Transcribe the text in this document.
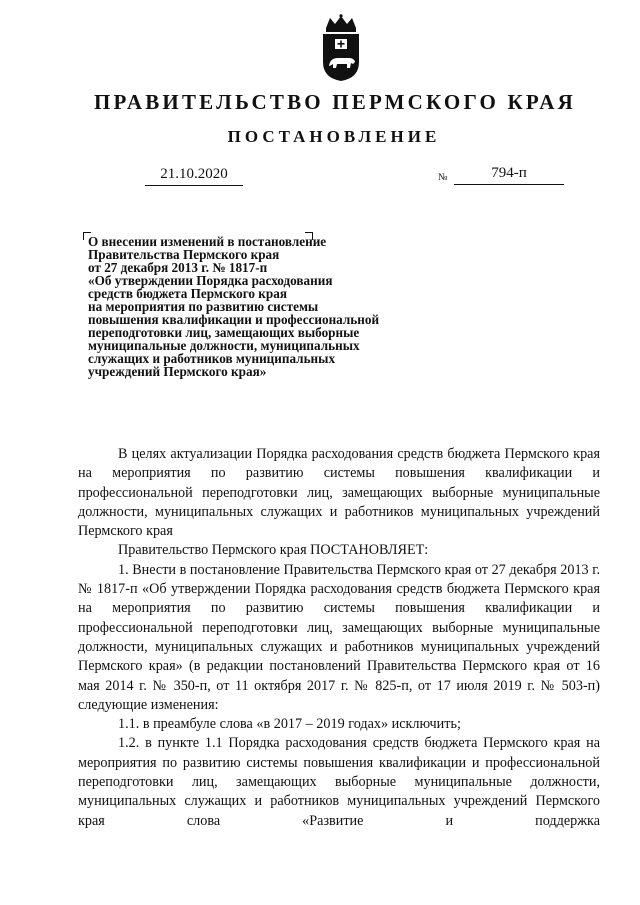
ПРАВИТЕЛЬСТВО ПЕРМСКОГО КРАЯ
ПОСТАНОВЛЕНИЕ
21.10.2020	№	794-п
О внесении изменений в постановление
Правительства Пермского края
от 27 декабря 2013 г. № 1817-п
«Об утверждении Порядка расходования
средств бюджета Пермского края
на мероприятия по развитию системы
повышения квалификации и профессиональной
переподготовки лиц, замещающих выборные
муниципальные должности, муниципальных
служащих и работников муниципальных
учреждений Пермского края»

В целях актуализации Порядка расходования средств бюджета Пермского края на мероприятия по развитию системы повышения квалификации и профессиональной переподготовки лиц, замещающих выборные муниципальные должности, муниципальных служащих и работников муниципальных учреждений Пермского края

Правительство Пермского края ПОСТАНОВЛЯЕТ:

1. Внести в постановление Правительства Пермского края от 27 декабря 2013 г. № 1817-п «Об утверждении Порядка расходования средств бюджета Пермского края на мероприятия по развитию системы повышения квалификации и профессиональной переподготовки лиц, замещающих выборные муниципальные должности, муниципальных служащих и работников муниципальных учреждений Пермского края» (в редакции постановлений Правительства Пермского края от 16 мая 2014 г. № 350-п, от 11 октября 2017 г. № 825-п, от 17 июля 2019 г. № 503-п) следующие изменения:

1.1. в преамбуле слова «в 2017 – 2019 годах» исключить;

1.2. в пункте 1.1 Порядка расходования средств бюджета Пермского края на мероприятия по развитию системы повышения квалификации и профессиональной переподготовки лиц, замещающих выборные муниципальные должности, муниципальных служащих и работников муниципальных учреждений Пермского края слова «Развитие и поддержка
